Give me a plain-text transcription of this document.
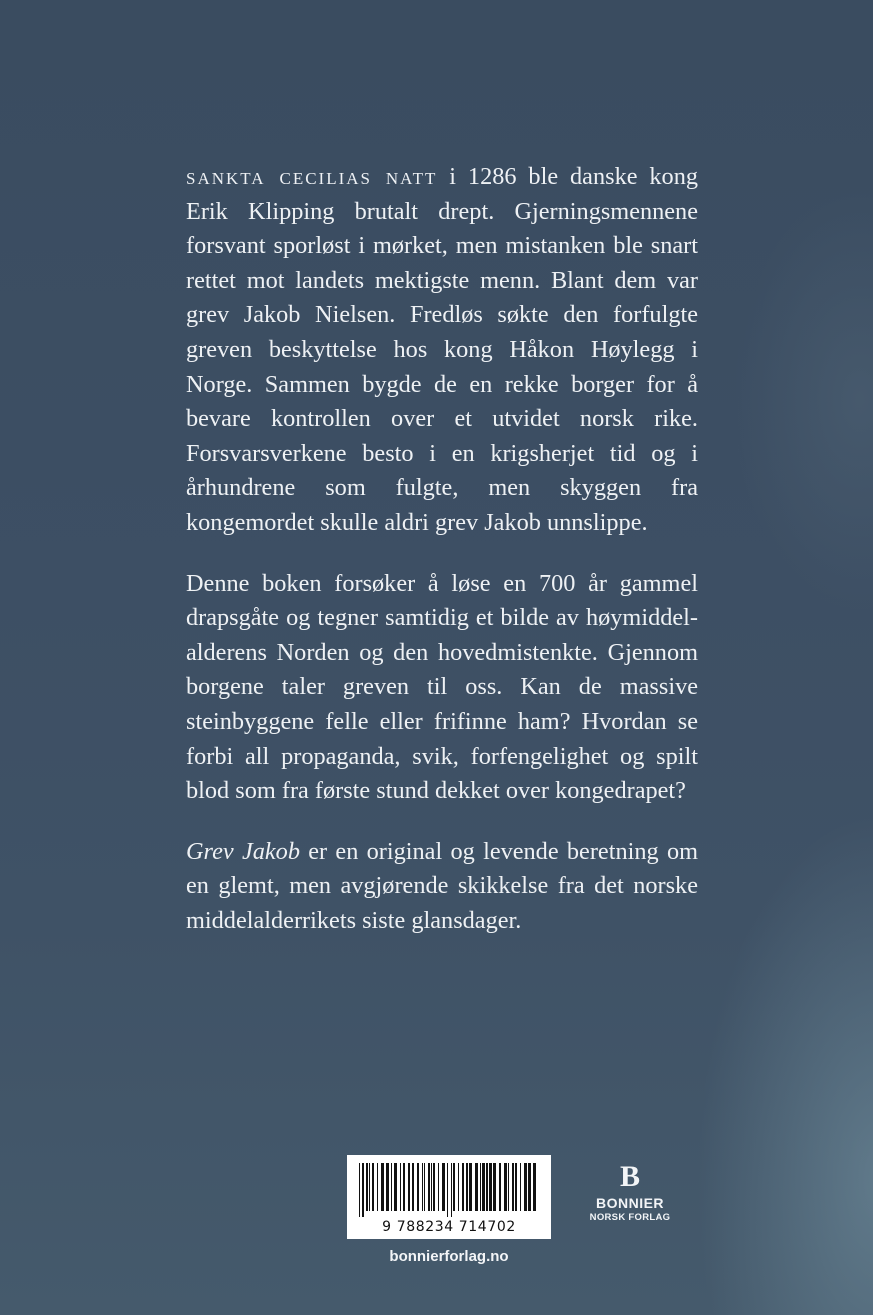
sankta cecilias natt i 1286 ble danske kong Erik Klipping brutalt drept. Gjerningsmennene forsvant sporløst i mørket, men mistanken ble snart rettet mot landets mektigste menn. Blant dem var grev Jakob Nielsen. Fredløs søkte den forfulgte greven beskyttelse hos kong Håkon Høylegg i Norge. Sammen bygde de en rekke borger for å bevare kontrollen over et utvidet norsk rike. Forsvarsverkene besto i en krigsherjet tid og i århundrene som fulgte, men skyggen fra kongemordet skulle aldri grev Jakob unnslippe.

Denne boken forsøker å løse en 700 år gammel drapsgåte og tegner samtidig et bilde av høymiddelalderens Norden og den hovedmistenkte. Gjennom borgene taler greven til oss. Kan de massive steinbyggene felle eller frifinne ham? Hvordan se forbi all propaganda, svik, forfengelighet og spilt blod som fra første stund dekket over kongedrapet?

Grev Jakob er en original og levende beretning om en glemt, men avgjørende skikkelse fra det norske middelalderrikets siste glansdager.

9 788234 714702
bonnierforlag.no
B
BONNIER
NORSK FORLAG
